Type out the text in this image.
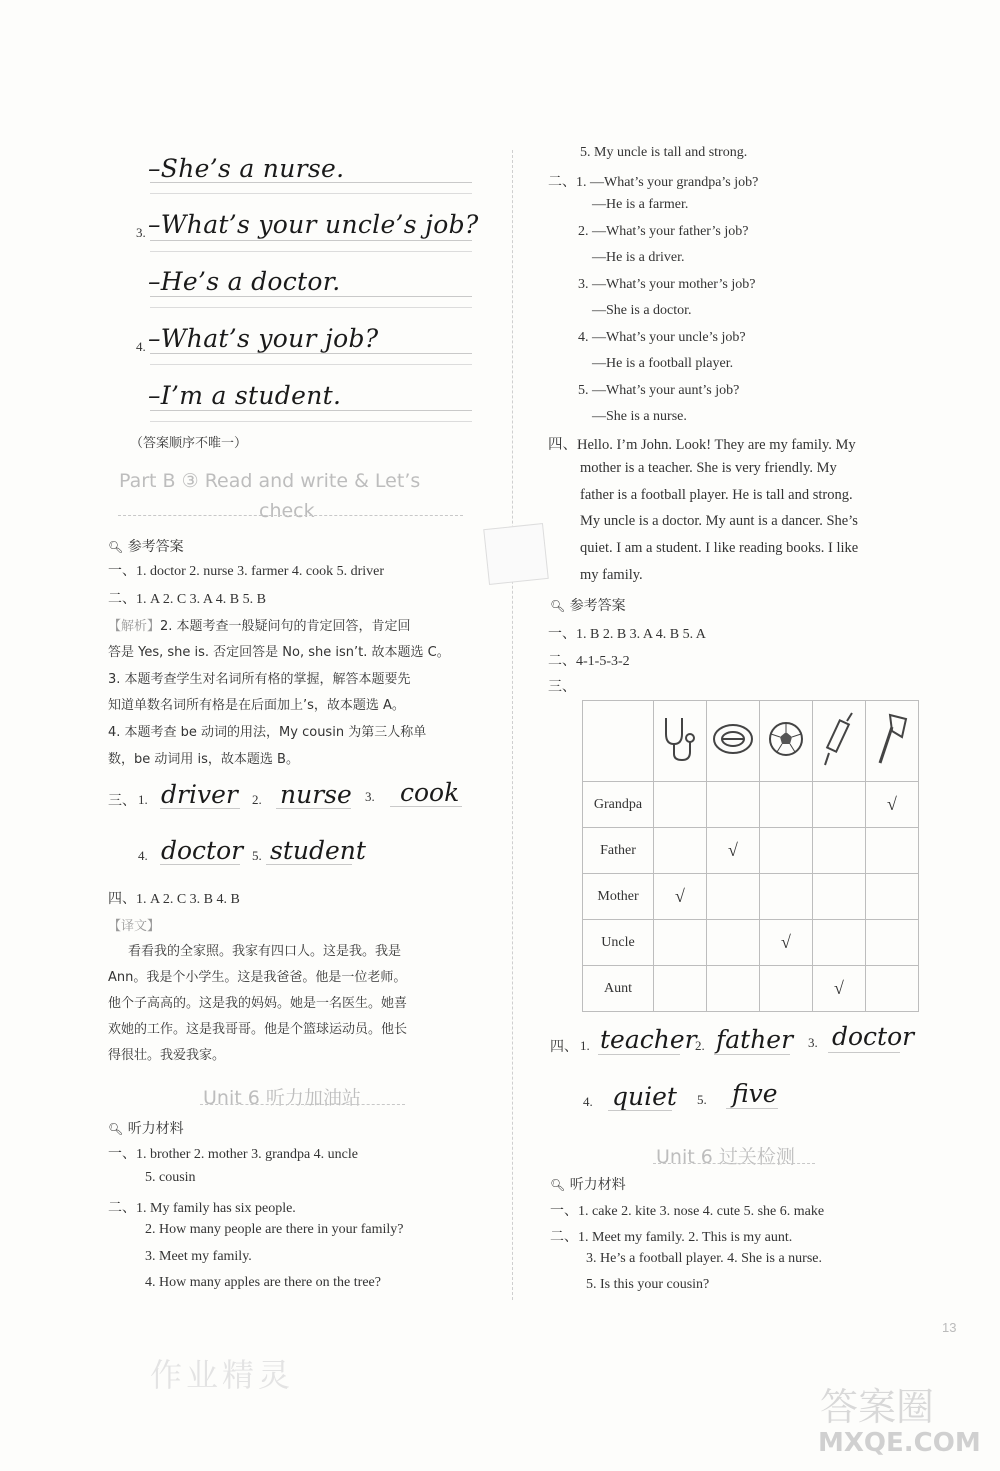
–She’s a nurse.
3. –What’s your uncle’s job?
–He’s a doctor.
4. –What’s your job?
–I’m a student.
（答案顺序不唯一）
Part B ③ Read and write & Let’s
check
🔍︎ 参考答案
一、1. doctor 2. nurse 3. farmer 4. cook 5. driver
二、1. A 2. C 3. A 4. B 5. B
【解析】2. 本题考查一般疑问句的肯定回答，肯定回
答是 Yes, she is. 否定回答是 No, she isn’t. 故本题选 C。
3. 本题考查学生对名词所有格的掌握，解答本题要先
知道单数名词所有格是在后面加上’s，故本题选 A。
4. 本题考查 be 动词的用法，My cousin 为第三人称单
数，be 动词用 is，故本题选 B。
三、 1. driver 2. nurse 3. cook
4. doctor 5. student
四、1. A 2. C 3. B 4. B
【译文】
看看我的全家照。我家有四口人。这是我。我是
Ann。我是个小学生。这是我爸爸。他是一位老师。
他个子高高的。这是我的妈妈。她是一名医生。她喜
欢她的工作。这是我哥哥。他是个篮球运动员。他长
得很壮。我爱我家。
Unit 6 听力加油站
🔍︎ 听力材料
一、1. brother 2. mother 3. grandpa 4. uncle
5. cousin
二、1. My family has six people.
2. How many people are there in your family?
3. Meet my family.
4. How many apples are there on the tree?
作业精灵
5. My uncle is tall and strong.
二、1. —What’s your grandpa’s job?
—He is a farmer.
2. —What’s your father’s job?
—He is a driver.
3. —What’s your mother’s job?
—She is a doctor.
4. —What’s your uncle’s job?
—He is a football player.
5. —What’s your aunt’s job?
—She is a nurse.
四、Hello. I’m John. Look! They are my family. My
mother is a teacher. She is very friendly. My
father is a football player. He is tall and strong.
My uncle is a doctor. My aunt is a dancer. She’s
quiet. I am a student. I like reading books. I like
my family.
🔍︎ 参考答案
一、1. B 2. B 3. A 4. B 5. A
二、4-1-5-3-2
三、

Grandpa					√
Father		√			
Mother	√				
Uncle			√		
Aunt				√	
四、 1. teacher
2. father 3. doctor
4. quiet 5. five
Unit 6 过关检测
🔍︎ 听力材料
一、1. cake 2. kite 3. nose 4. cute 5. she 6. make
二、1. Meet my family. 2. This is my aunt.
3. He’s a football player. 4. She is a nurse.
5. Is this your cousin?
13
答案圈
MXQE.COM
